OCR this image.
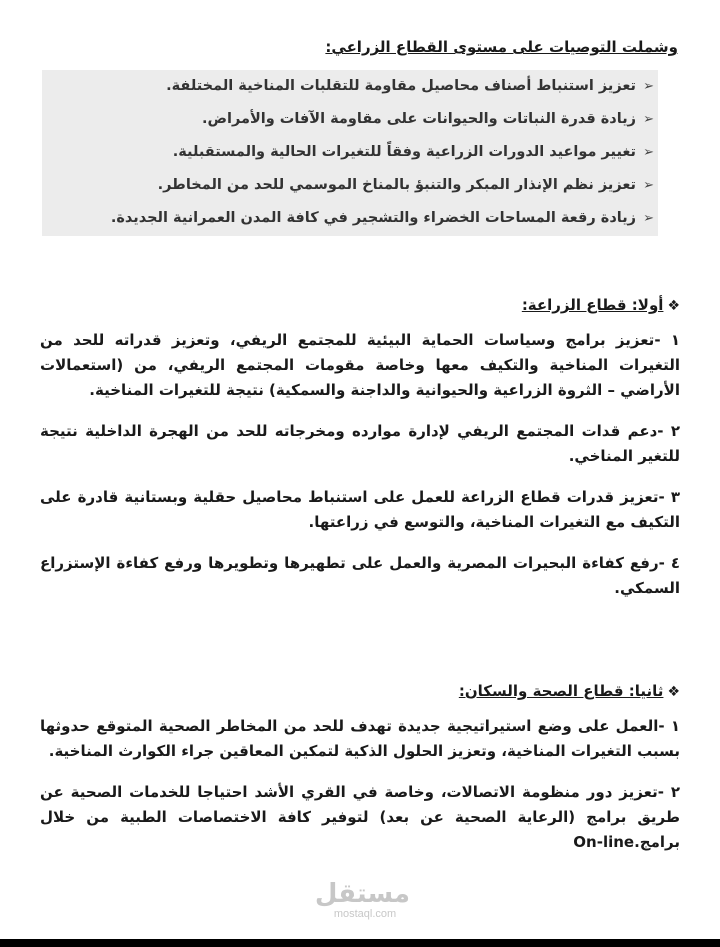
وشملت التوصيات على مستوى القطاع الزراعي:
➢تعزيز استنباط أصناف محاصيل مقاومة للتقلبات المناخية المختلفة.
➢زيادة قدرة النباتات والحيوانات على مقاومة الآفات والأمراض.
➢تغيير مواعيد الدورات الزراعية وفقاً للتغيرات الحالية والمستقبلية.
➢تعزيز نظم الإنذار المبكر والتنبؤ بالمناخ الموسمي للحد من المخاطر.
➢زيادة رقعة المساحات الخضراء والتشجير في كافة المدن العمرانية الجديدة.
❖أولا: قطاع الزراعة:

١ -تعزيز برامج وسياسات الحماية البيئية للمجتمع الريفي، وتعزيز قدراته للحد من التغيرات المناخية والتكيف معها وخاصة مقومات المجتمع الريفي، من (استعمالات الأراضي – الثروة الزراعية والحيوانية والداجنة والسمكية) نتيجة للتغيرات المناخية.

٢ -دعم قدات المجتمع الريفي لإدارة موارده ومخرجاته للحد من الهجرة الداخلية نتيجة للتغير المناخي.

٣ -تعزيز قدرات قطاع الزراعة للعمل على استنباط محاصيل حقلية وبستانية قادرة على التكيف مع التغيرات المناخية، والتوسع في زراعتها.

٤ -رفع كفاءة البحيرات المصرية والعمل على تطهيرها وتطويرها ورفع كفاءة الإستزراع السمكي.

❖ثانيا: قطاع الصحة والسكان:

١ -العمل على وضع استيراتيجية جديدة تهدف للحد من المخاطر الصحية المتوقع حدوثها بسبب التغيرات المناخية، وتعزيز الحلول الذكية لتمكين المعاقين جراء الكوارث المناخية.

٢ -تعزيز دور منظومة الاتصالات، وخاصة في القري الأشد احتياجا للخدمات الصحية عن طريق برامج (الرعاية الصحية عن بعد) لتوفير كافة الاختصاصات الطبية من خلال برامج.On-line

مستقل
mostaql.com
